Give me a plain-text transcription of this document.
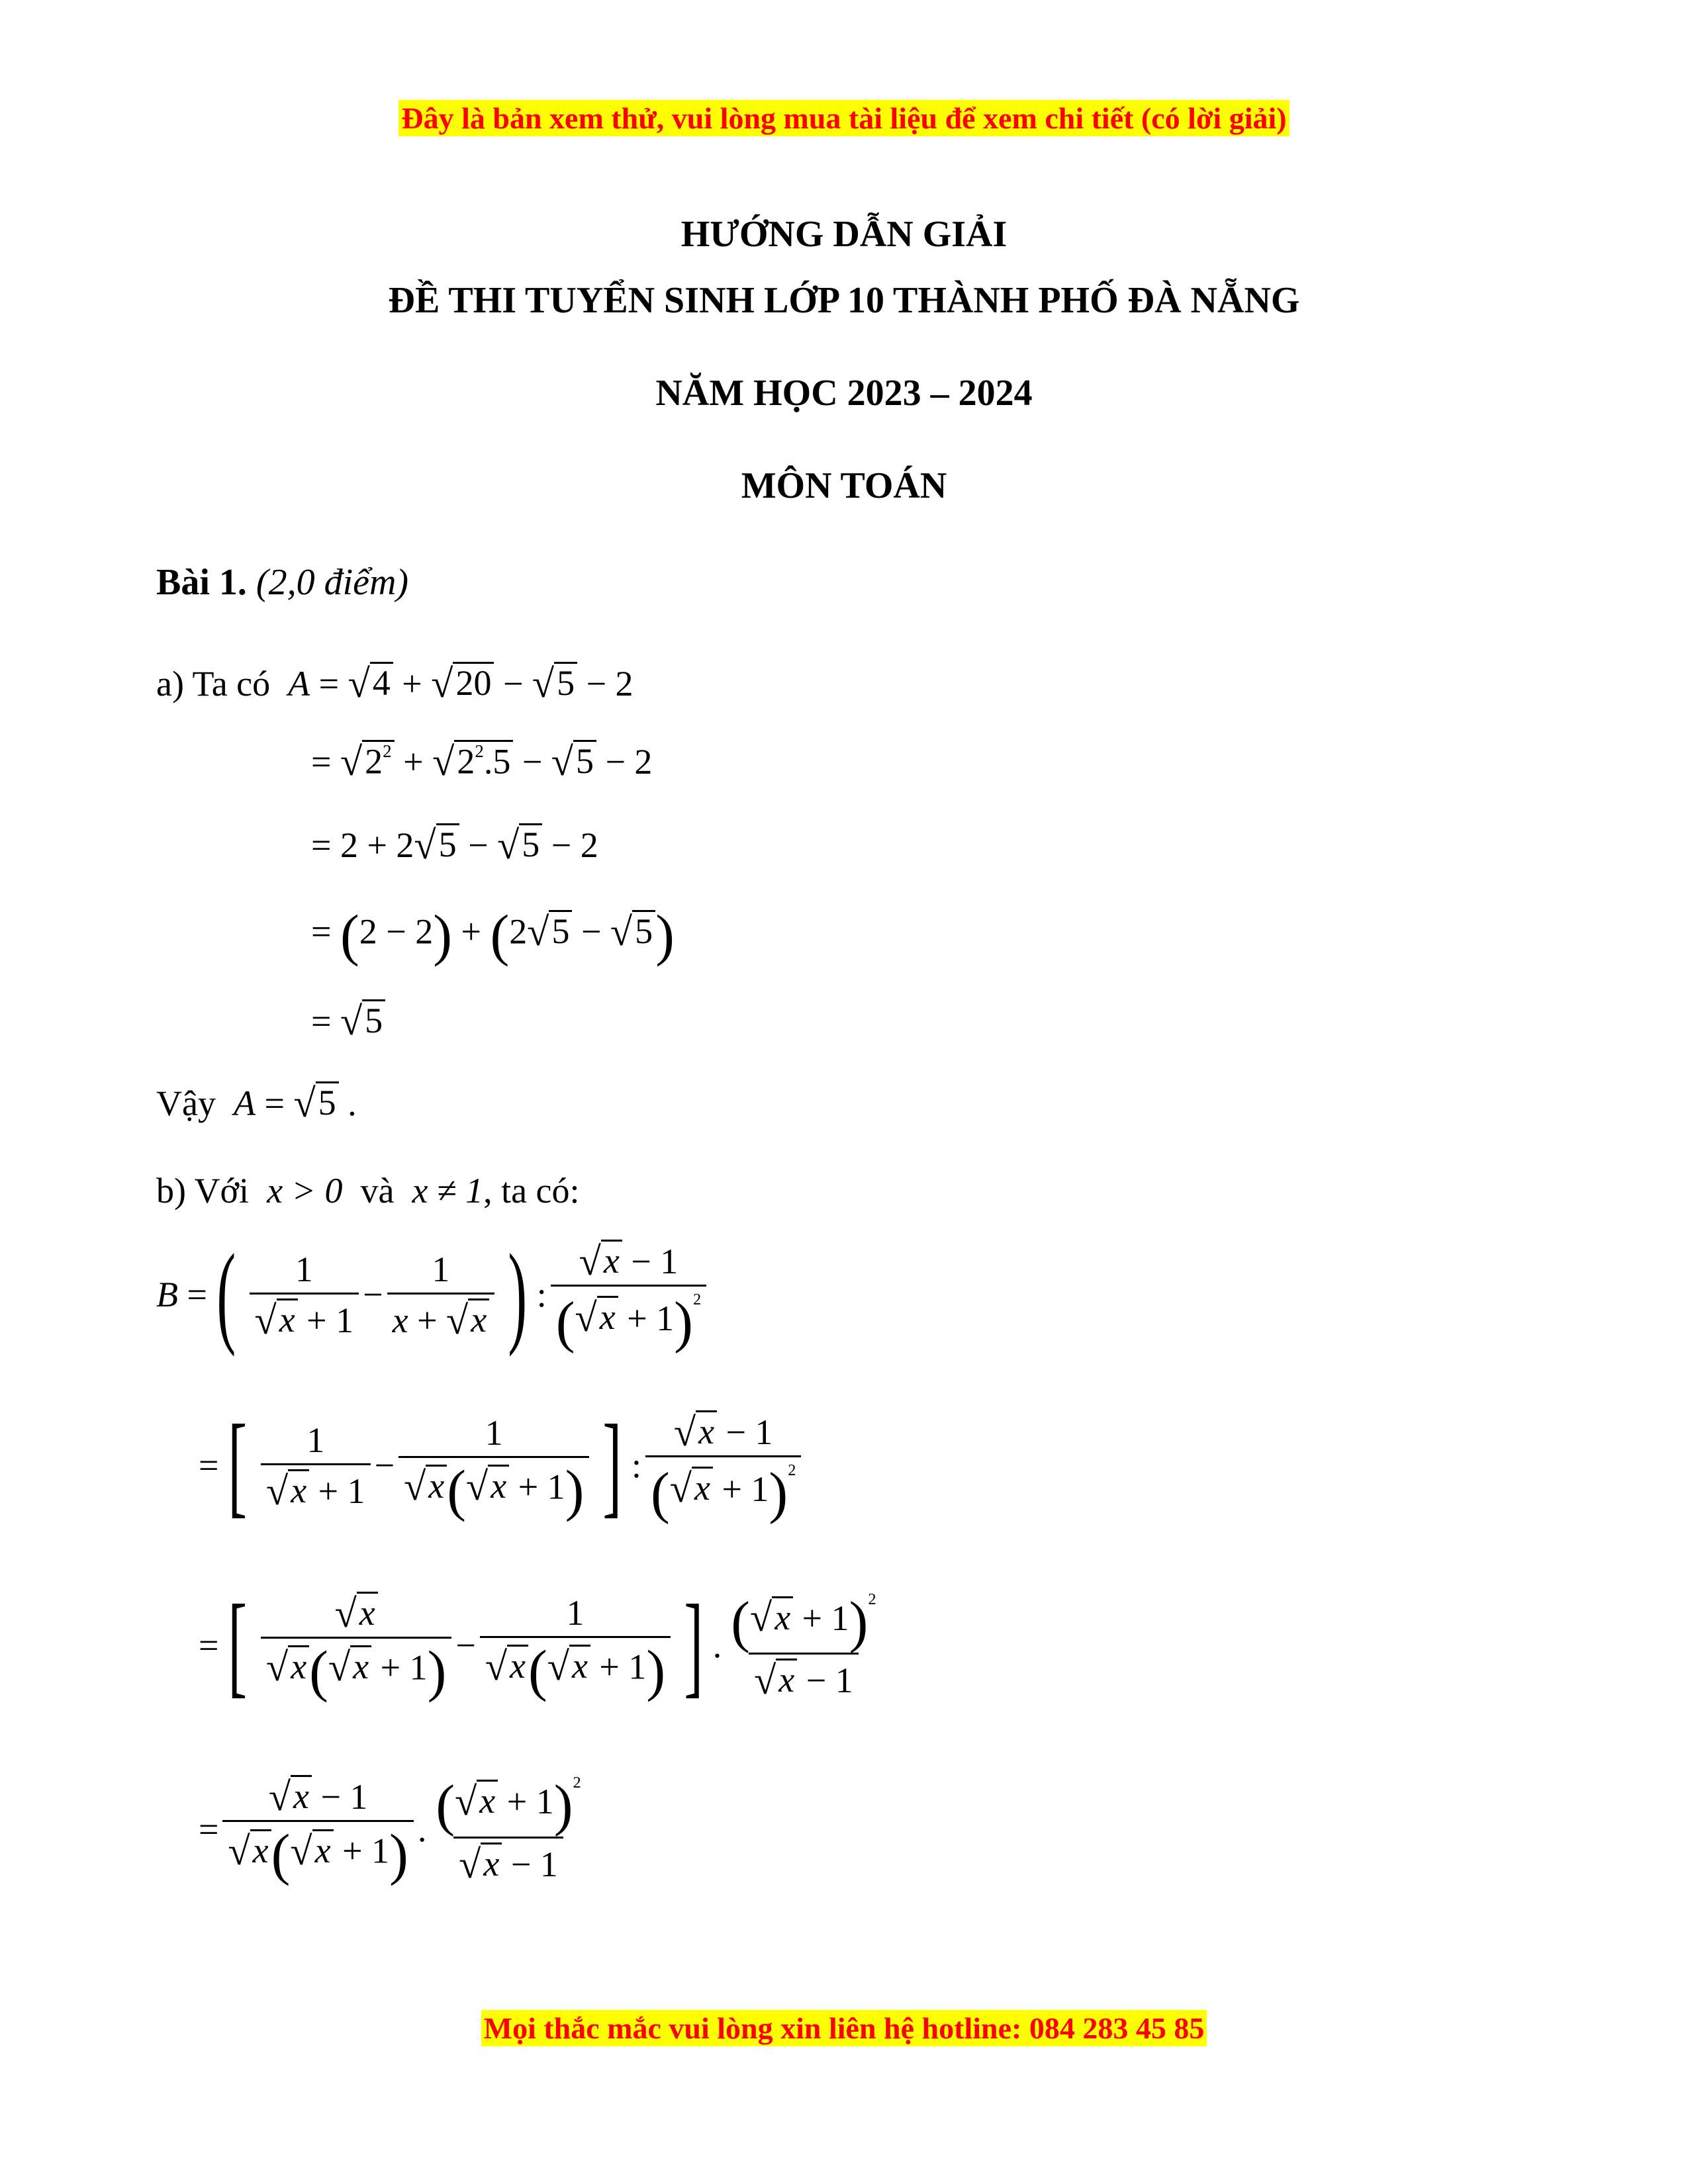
Đây là bản xem thử, vui lòng mua tài liệu để xem chi tiết (có lời giải)
HƯỚNG DẪN GIẢI
ĐỀ THI TUYỂN SINH LỚP 10 THÀNH PHỐ ĐÀ NẴNG
NĂM HỌC 2023 – 2024
MÔN TOÁN
Bài 1. (2,0 điểm)
a) Ta có A = √ 4 + √ 20 − √ 5 − 2
= √ $2^2$ + √ $2^2.5$ − √ 5 − 2
= 2 + 2 √ 5 − √ 5 − 2
= (2 − 2) + (2 √ 5 − √ 5 )
= √ 5
Vậy A = √ 5 .
b) Với x > 0 và x ≠ 1, ta có:
B = ( $\frac{1}{√ x + 1} - \frac{1}{x + √ x}$ ) : $\frac{√ x - 1}{( √ x + 1)^2}$
= [ $\frac{1}{√ x + 1} - \frac{1}{√ x ( √ x + 1)}$ ] : $\frac{√ x - 1}{( √ x + 1)^2}$
= [ $\frac{√ x}{√ x ( √ x + 1)} - \frac{1}{√ x ( √ x + 1)}$ ] . $\frac{( √ x + 1)^2}{√ x - 1}$
= $\frac{√ x - 1}{√ x ( √ x + 1)}$ . $\frac{( √ x + 1)^2}{√ x - 1}$
Mọi thắc mắc vui lòng xin liên hệ hotline: 084 283 45 85
